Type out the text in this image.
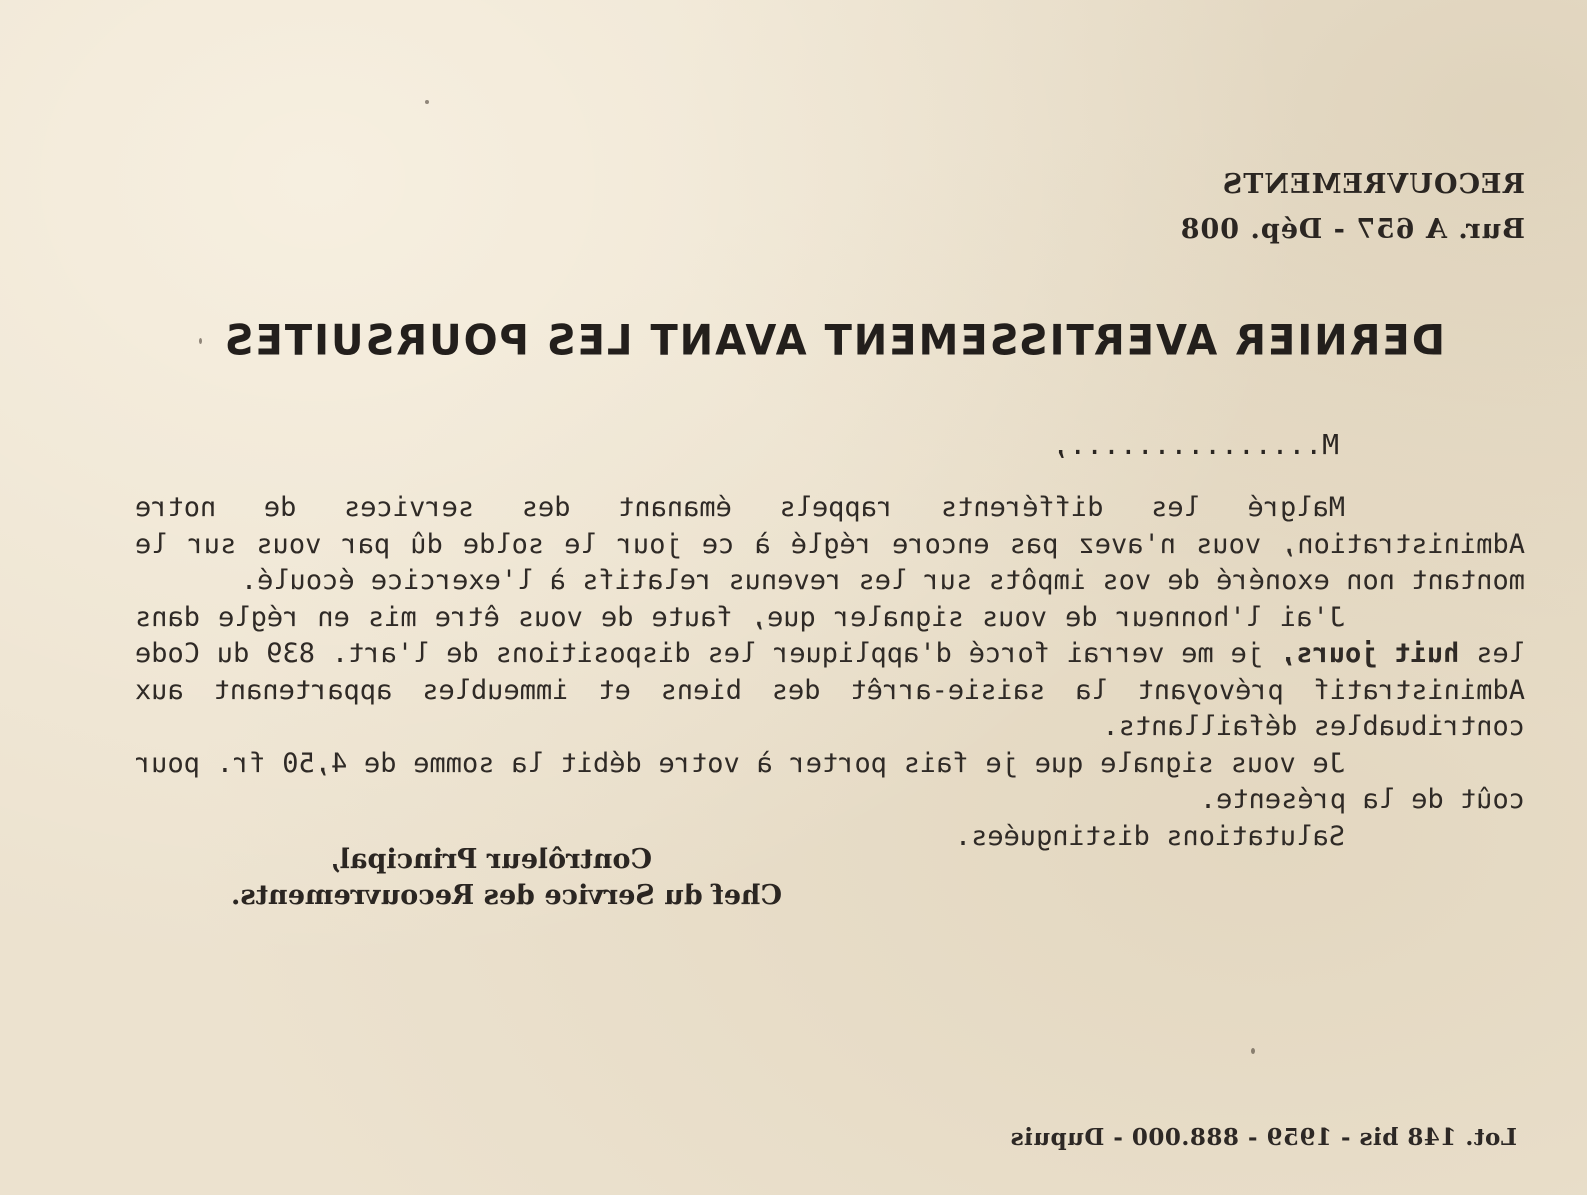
RECOUVREMENTS
Bur. A 657 - Dép. 008
DERNIER AVERTISSEMENT AVANT LES POURSUITES
M...............,

Malgré les différents rappels émanant des services de notre Administration, vous n'avez pas encore réglé à ce jour le solde dû par vous sur le montant non exonéré de vos impôts sur les revenus relatifs à l'exercice écoulé.

J'ai l'honneur de vous signaler que, faute de vous être mis en régle dans les huit jours, je me verrai forcé d'appliquer les dispositions de l'art. 839 du Code Administratif prévoyant la saisie-arrêt des biens et immeubles appartenant aux contribuables défaillants.

Je vous signale que je fais porter à votre débit la somme de 4,50 fr. pour coût de la présente.

Salutations distinguées.

Contrôleur Principal,
Chef du Service des Recouvrements.
Lot. 148 bis - 1959 - 888.000 - Dupuis
